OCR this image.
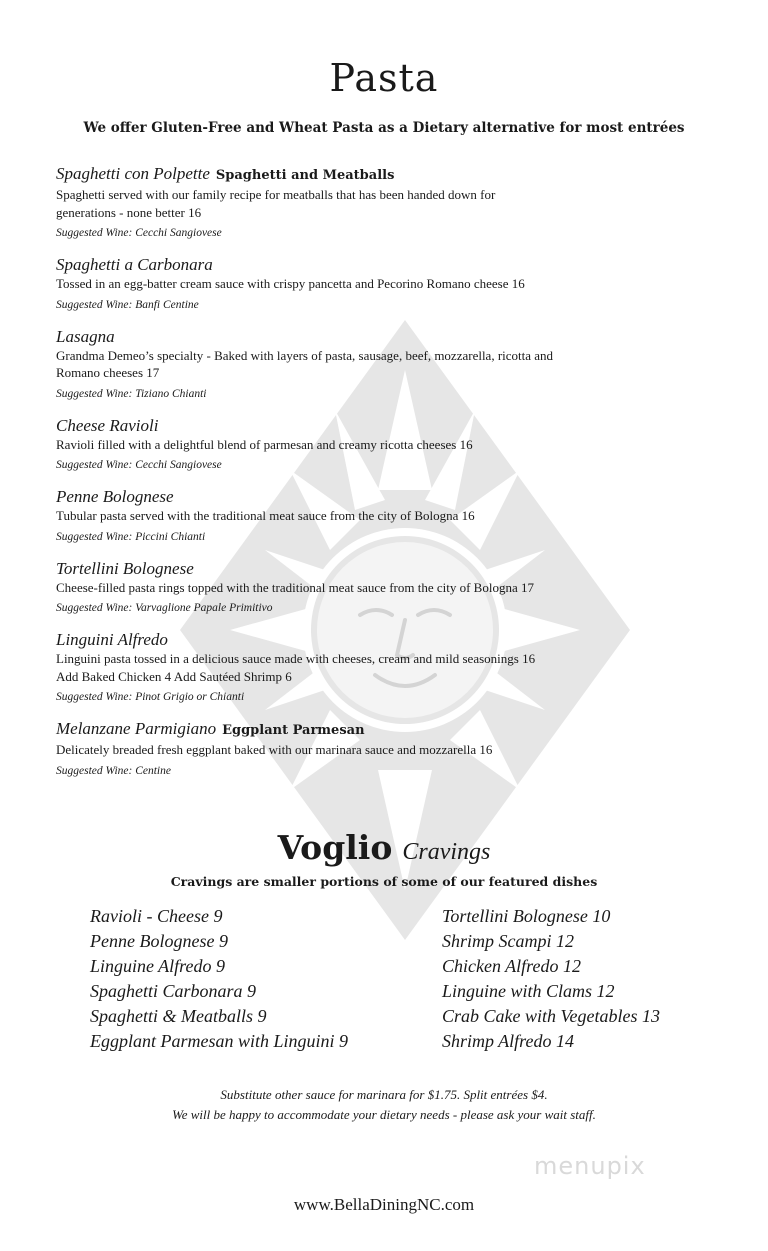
Pasta
We offer Gluten-Free and Wheat Pasta as a Dietary alternative for most entrées
Spaghetti con Polpette Spaghetti and Meatballs
Spaghetti served with our family recipe for meatballs that has been handed down for
generations - none better 16
Suggested Wine: Cecchi Sangiovese
Spaghetti a Carbonara
Tossed in an egg-batter cream sauce with crispy pancetta and Pecorino Romano cheese 16
Suggested Wine: Banfi Centine
Lasagna
Grandma Demeo’s specialty - Baked with layers of pasta, sausage, beef, mozzarella, ricotta and
Romano cheeses 17
Suggested Wine: Tiziano Chianti
Cheese Ravioli
Ravioli filled with a delightful blend of parmesan and creamy ricotta cheeses 16
Suggested Wine: Cecchi Sangiovese
Penne Bolognese
Tubular pasta served with the traditional meat sauce from the city of Bologna 16
Suggested Wine: Piccini Chianti
Tortellini Bolognese
Cheese-filled pasta rings topped with the traditional meat sauce from the city of Bologna 17
Suggested Wine: Varvaglione Papale Primitivo
Linguini Alfredo
Linguini pasta tossed in a delicious sauce made with cheeses, cream and mild seasonings 16
Add Baked Chicken 4 Add Sautéed Shrimp 6
Suggested Wine: Pinot Grigio or Chianti
Melanzane Parmigiano Eggplant Parmesan
Delicately breaded fresh eggplant baked with our marinara sauce and mozzarella 16
Suggested Wine: Centine
Voglio Cravings
Cravings are smaller portions of some of our featured dishes
Ravioli - Cheese 9
Penne Bolognese 9
Linguine Alfredo 9
Spaghetti Carbonara 9
Spaghetti & Meatballs 9
Eggplant Parmesan with Linguini 9
Tortellini Bolognese 10
Shrimp Scampi 12
Chicken Alfredo 12
Linguine with Clams 12
Crab Cake with Vegetables 13
Shrimp Alfredo 14
Substitute other sauce for marinara for $1.75. Split entrées $4.
We will be happy to accommodate your dietary needs - please ask your wait staff.
menupix
www.BellaDiningNC.com
